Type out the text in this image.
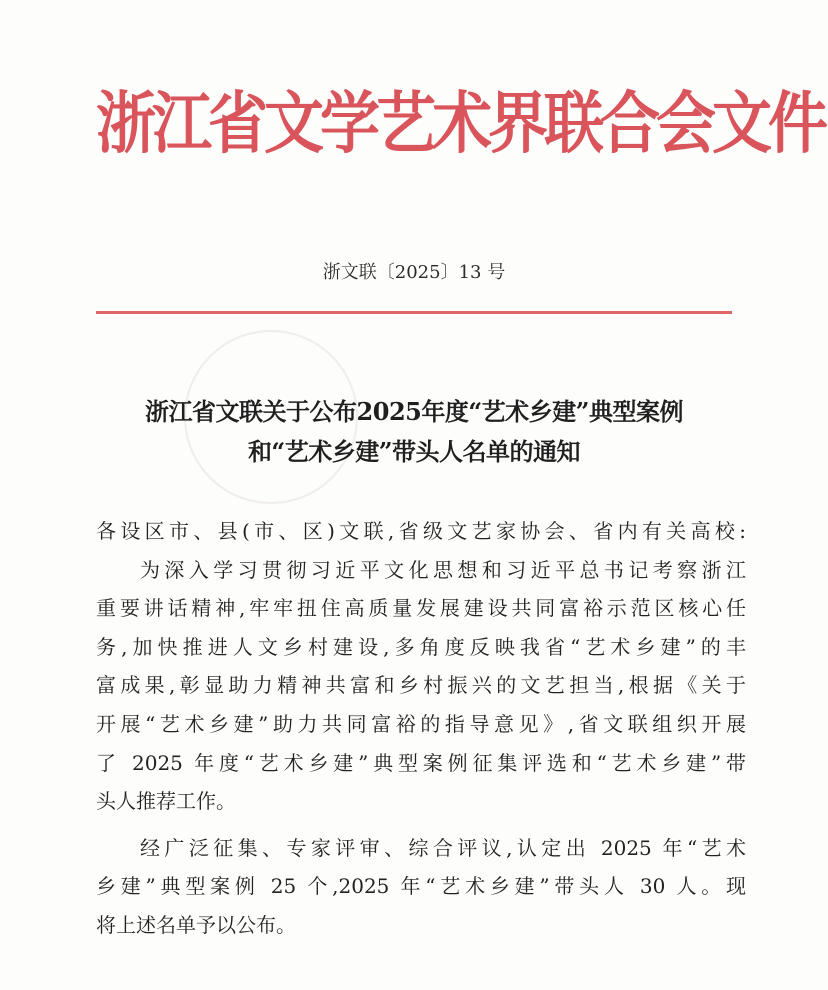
浙江省文学艺术界联合会文件
浙文联〔2025〕13 号
浙江省文联关于公布2025年度“艺术乡建”典型案例
和“艺术乡建”带头人名单的通知
各设区市、县(市、区)文联,省级文艺家协会、省内有关高校:
为深入学习贯彻习近平文化思想和习近平总书记考察浙江
重要讲话精神,牢牢扭住高质量发展建设共同富裕示范区核心任
务,加快推进人文乡村建设,多角度反映我省“艺术乡建”的丰
富成果,彰显助力精神共富和乡村振兴的文艺担当,根据《关于
开展“艺术乡建”助力共同富裕的指导意见》,省文联组织开展
了 2025 年度“艺术乡建”典型案例征集评选和“艺术乡建”带
头人推荐工作。
经广泛征集、专家评审、综合评议,认定出 2025 年“艺术
乡建”典型案例 25 个,2025 年“艺术乡建”带头人 30 人。现
将上述名单予以公布。
